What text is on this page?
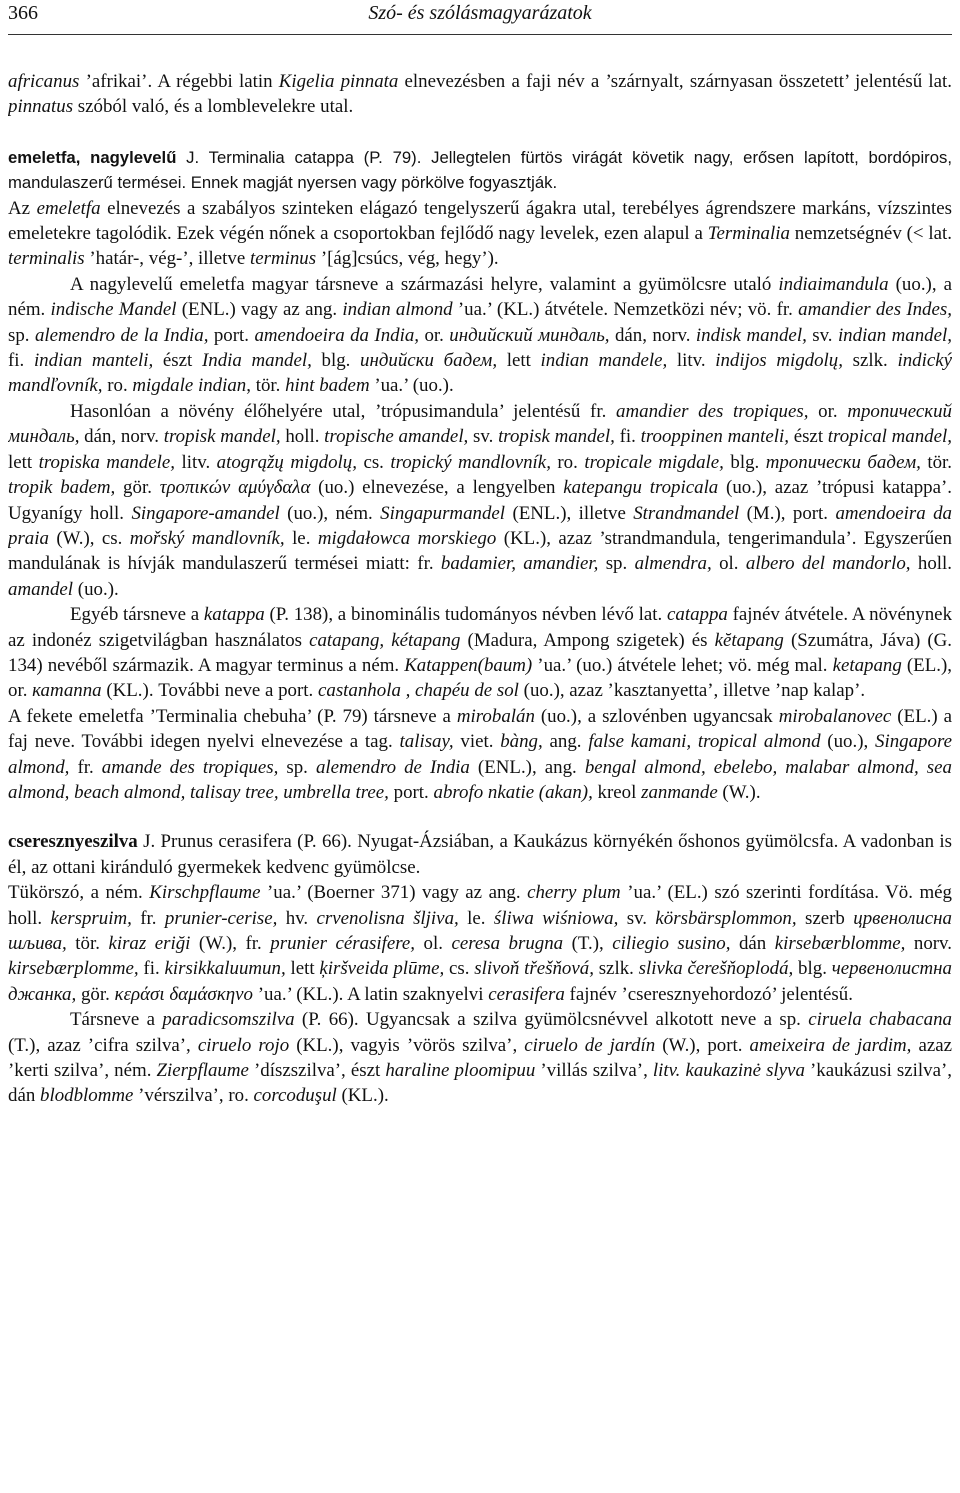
366	Szó- és szólásmagyarázatok

africanus ’afrikai’. A régebbi latin Kigelia pinnata elnevezésben a faji név a ’szárnyalt, szárnyasan összetett’ jelentésű lat. pinnatus szóból való, és a lomblevelekre utal.

emeletfa, nagylevelű J. Terminalia catappa (P. 79). Jellegtelen fürtös virágát követik nagy, erősen lapított, bordópiros, mandulaszerű termései. Ennek magját nyersen vagy pörkölve fogyasztják.

Az emeletfa elnevezés a szabályos szinteken elágazó tengelyszerű ágakra utal, terebélyes ágrendszere markáns, vízszintes emeletekre tagolódik. Ezek végén nőnek a csoportokban fejlődő nagy levelek, ezen alapul a Terminalia nemzetségnév (< lat. terminalis ’határ-, vég-’, illetve terminus ’[ág]csúcs, vég, hegy’).

A nagylevelű emeletfa magyar társneve a származási helyre, valamint a gyümölcsre utaló indiaimandula (uo.), a ném. indische Mandel (ENL.) vagy az ang. indian almond ’ua.’ (KL.) átvétele. Nemzetközi név; vö. fr. amandier des Indes, sp. alemendro de la India, port. amendoeira da India, or. индийский миндаль, dán, norv. indisk mandel, sv. indian mandel, fi. indian manteli, észt India mandel, blg. индийски бадем, lett indian mandele, litv. indijos migdolų, szlk. indický mandľovník, ro. migdale indian, tör. hint badem ’ua.’ (uo.).

Hasonlóan a növény élőhelyére utal, ’trópusimandula’ jelentésű fr. amandier des tropiques, or. тропический миндаль, dán, norv. tropisk mandel, holl. tropische amandel, sv. tropisk mandel, fi. trooppinen manteli, észt tropical mandel, lett tropiska mandele, litv. atogrąžų migdolų, cs. tropický mandlovník, ro. tropicale migdale, blg. тропически бадем, tör. tropik badem, gör. τροπικών αμύγδαλα (uo.) elnevezése, a lengyelben katepangu tropicala (uo.), azaz ’trópusi katappa’. Ugyanígy holl. Singapore-amandel (uo.), ném. Singapurmandel (ENL.), illetve Strandmandel (M.), port. amendoeira da praia (W.), cs. mořský mandlovník, le. migdałowca morskiego (KL.), azaz ’strandmandula, tengerimandula’. Egyszerűen mandulának is hívják mandulaszerű termései miatt: fr. badamier, amandier, sp. almendra, ol. albero del mandorlo, holl. amandel (uo.).

Egyéb társneve a katappa (P. 138), a binominális tudományos névben lévő lat. catappa fajnév átvétele. A növénynek az indonéz szigetvilágban használatos catapang, kétapang (Madura, Ampong szigetek) és kĕtapang (Szumátra, Jáva) (G. 134) nevéből származik. A magyar terminus a ném. Katappen(baum) ’ua.’ (uo.) átvétele lehet; vö. még mal. ketapang (EL.), or. катаппа (KL.). További neve a port. castanhola , chapéu de sol (uo.), azaz ’kasztanyetta’, illetve ’nap kalap’.

A fekete emeletfa ’Terminalia chebuha’ (P. 79) társneve a mirobalán (uo.), a szlovénben ugyancsak mirobalanovec (EL.) a faj neve. További idegen nyelvi elnevezése a tag. talisay, viet. bàng, ang. false kamani, tropical almond (uo.), Singapore almond, fr. amande des tropiques, sp. alemendro de India (ENL.), ang. bengal almond, ebelebo, malabar almond, sea almond, beach almond, talisay tree, umbrella tree, port. abrofo nkatie (akan), kreol zanmande (W.).

cseresznyeszilva J. Prunus cerasifera (P. 66). Nyugat-Ázsiában, a Kaukázus környékén őshonos gyümölcsfa. A vadonban is él, az ottani kiránduló gyermekek kedvenc gyümölcse.

Tükörszó, a ném. Kirschpflaume ’ua.’ (Boerner 371) vagy az ang. cherry plum ’ua.’ (EL.) szó szerinti fordítása. Vö. még holl. kerspruim, fr. prunier-cerise, hv. crvenolisna šljiva, le. śliwa wiśniowa, sv. körsbärsplommon, szerb црвенолисна шљива, tör. kiraz eriği (W.), fr. prunier cérasifere, ol. ceresa brugna (T.), ciliegio susino, dán kirsebærblomme, norv. kirsebærplomme, fi. kirsikkaluumun, lett ķiršveida plūme, cs. slivoň třešňová, szlk. slivka čerešňoplodá, blg. червенолистна джанка, gör. κεράσι δαμάσκηνο ’ua.’ (KL.). A latin szaknyelvi cerasifera fajnév ’cseresznyehordozó’ jelentésű.

Társneve a paradicsomszilva (P. 66). Ugyancsak a szilva gyümölcsnévvel alkotott neve a sp. ciruela chabacana (T.), azaz ’cifra szilva’, ciruelo rojo (KL.), vagyis ’vörös szilva’, ciruelo de jardín (W.), port. ameixeira de jardim, azaz ’kerti szilva’, ném. Zierpflaume ’díszszilva’, észt haraline ploomipuu ’villás szilva’, litv. kaukazinė slyva ’kaukázusi szilva’, dán blodblomme ’vérszilva’, ro. corcoduşul (KL.).
